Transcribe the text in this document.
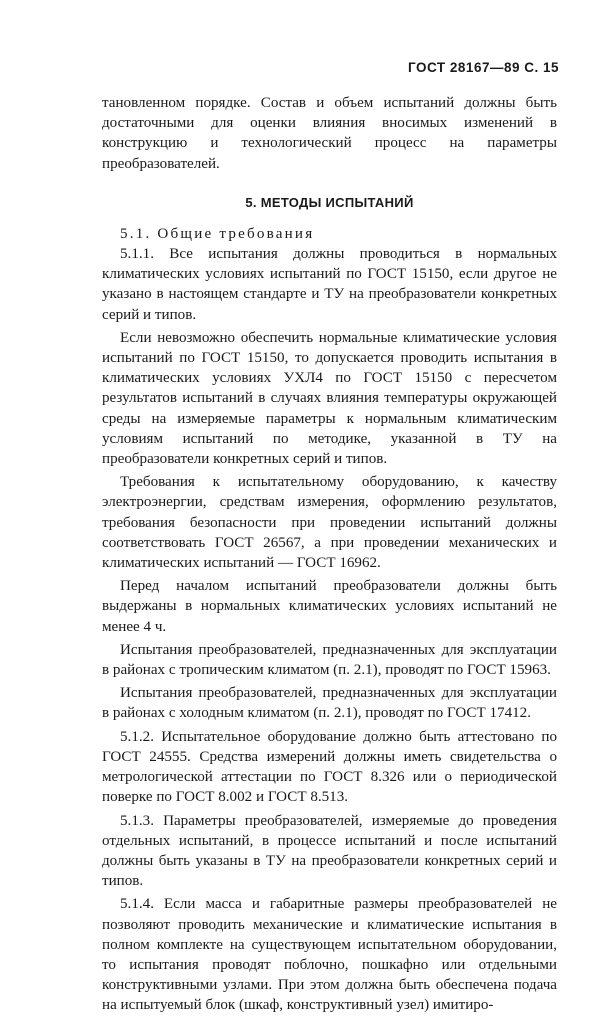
ГОСТ 28167—89 С. 15

тановленном порядке. Состав и объем испытаний должны быть достаточными для оценки влияния вносимых изменений в конструкцию и технологический процесс на параметры преобразователей.

5. МЕТОДЫ ИСПЫТАНИЙ

5.1. Общие требования

5.1.1. Все испытания должны проводиться в нормальных климатических условиях испытаний по ГОСТ 15150, если другое не указано в настоящем стандарте и ТУ на преобразователи конкретных серий и типов.

Если невозможно обеспечить нормальные климатические условия испытаний по ГОСТ 15150, то допускается проводить испытания в климатических условиях УХЛ4 по ГОСТ 15150 с пересчетом результатов испытаний в случаях влияния температуры окружающей среды на измеряемые параметры к нормальным климатическим условиям испытаний по методике, указанной в ТУ на преобразователи конкретных серий и типов.

Требования к испытательному оборудованию, к качеству электроэнергии, средствам измерения, оформлению результатов, требования безопасности при проведении испытаний должны соответствовать ГОСТ 26567, а при проведении механических и климатических испытаний — ГОСТ 16962.

Перед началом испытаний преобразователи должны быть выдержаны в нормальных климатических условиях испытаний не менее 4 ч.

Испытания преобразователей, предназначенных для эксплуатации в районах с тропическим климатом (п. 2.1), проводят по ГОСТ 15963.

Испытания преобразователей, предназначенных для эксплуатации в районах с холодным климатом (п. 2.1), проводят по ГОСТ 17412.

5.1.2. Испытательное оборудование должно быть аттестовано по ГОСТ 24555. Средства измерений должны иметь свидетельства о метрологической аттестации по ГОСТ 8.326 или о периодической поверке по ГОСТ 8.002 и ГОСТ 8.513.

5.1.3. Параметры преобразователей, измеряемые до проведения отдельных испытаний, в процессе испытаний и после испытаний должны быть указаны в ТУ на преобразователи конкретных серий и типов.

5.1.4. Если масса и габаритные размеры преобразователей не позволяют проводить механические и климатические испытания в полном комплекте на существующем испытательном оборудовании, то испытания проводят поблочно, пошкафно или отдельными конструктивными узлами. При этом должна быть обеспечена подача на испытуемый блок (шкаф, конструктивный узел) имитиро-
